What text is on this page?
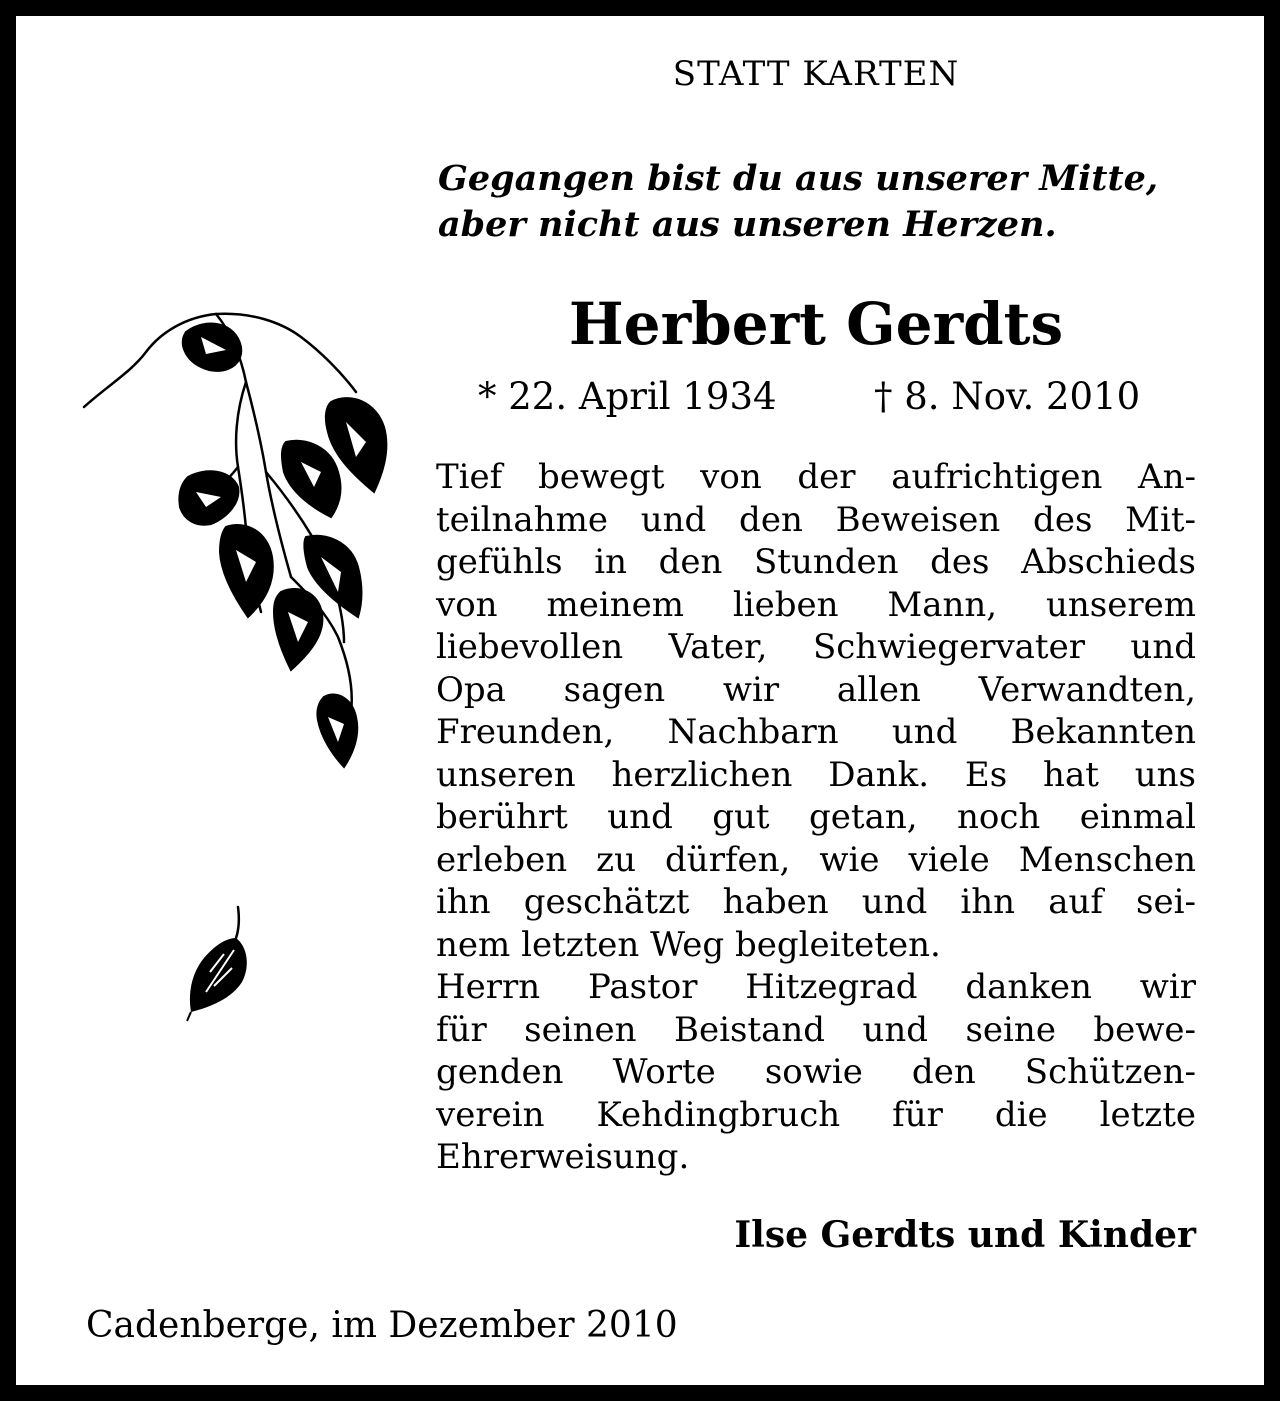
STATT KARTEN
Gegangen bist du aus unserer Mitte,
aber nicht aus unseren Herzen.
Herbert Gerdts
* 22. April 1934	† 8. Nov. 2010
Tief bewegt von der aufrichtigen An-
teilnahme und den Beweisen des Mit-
gefühls in den Stunden des Abschieds
von meinem lieben Mann, unserem
liebevollen Vater, Schwiegervater und
Opa sagen wir allen Verwandten,
Freunden, Nachbarn und Bekannten
unseren herzlichen Dank. Es hat uns
berührt und gut getan, noch einmal
erleben zu dürfen, wie viele Menschen
ihn geschätzt haben und ihn auf sei-
nem letzten Weg begleiteten.
Herrn Pastor Hitzegrad danken wir
für seinen Beistand und seine bewe-
genden Worte sowie den Schützen-
verein Kehdingbruch für die letzte
Ehrerweisung.
Ilse Gerdts und Kinder
Cadenberge, im Dezember 2010
